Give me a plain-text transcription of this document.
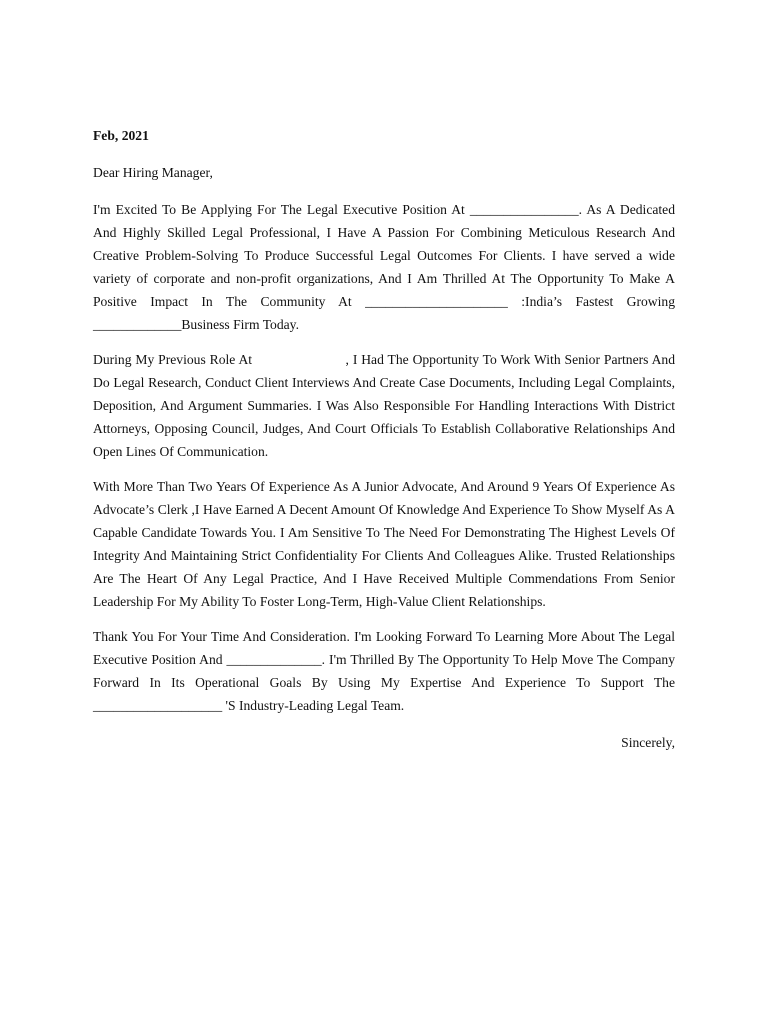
Feb, 2021

Dear Hiring Manager,

I'm Excited To Be Applying For The Legal Executive Position At ________________. As A Dedicated And Highly Skilled Legal Professional, I Have A Passion For Combining Meticulous Research And Creative Problem-Solving To Produce Successful Legal Outcomes For Clients. I have served a wide variety of corporate and non-profit organizations, And I Am Thrilled At The Opportunity To Make A Positive Impact In The Community At _____________________ :India’s Fastest Growing _____________Business Firm Today.

During My Previous Role At                        , I Had The Opportunity To Work With Senior Partners And Do Legal Research, Conduct Client Interviews And Create Case Documents, Including Legal Complaints, Deposition, And Argument Summaries. I Was Also Responsible For Handling Interactions With District Attorneys, Opposing Council, Judges, And Court Officials To Establish Collaborative Relationships And Open Lines Of Communication.

With More Than Two Years Of Experience As A Junior Advocate, And Around 9 Years Of Experience As Advocate’s Clerk ,I Have Earned A Decent Amount Of Knowledge And Experience To Show Myself As A Capable Candidate Towards You. I Am Sensitive To The Need For Demonstrating The Highest Levels Of Integrity And Maintaining Strict Confidentiality For Clients And Colleagues Alike. Trusted Relationships Are The Heart Of Any Legal Practice, And I Have Received Multiple Commendations From Senior Leadership For My Ability To Foster Long-Term, High-Value Client Relationships.

Thank You For Your Time And Consideration. I'm Looking Forward To Learning More About The Legal Executive Position And ______________. I'm Thrilled By The Opportunity To Help Move The Company Forward In Its Operational Goals By Using My Expertise And Experience To Support The ___________________ 'S Industry-Leading Legal Team.

Sincerely,
